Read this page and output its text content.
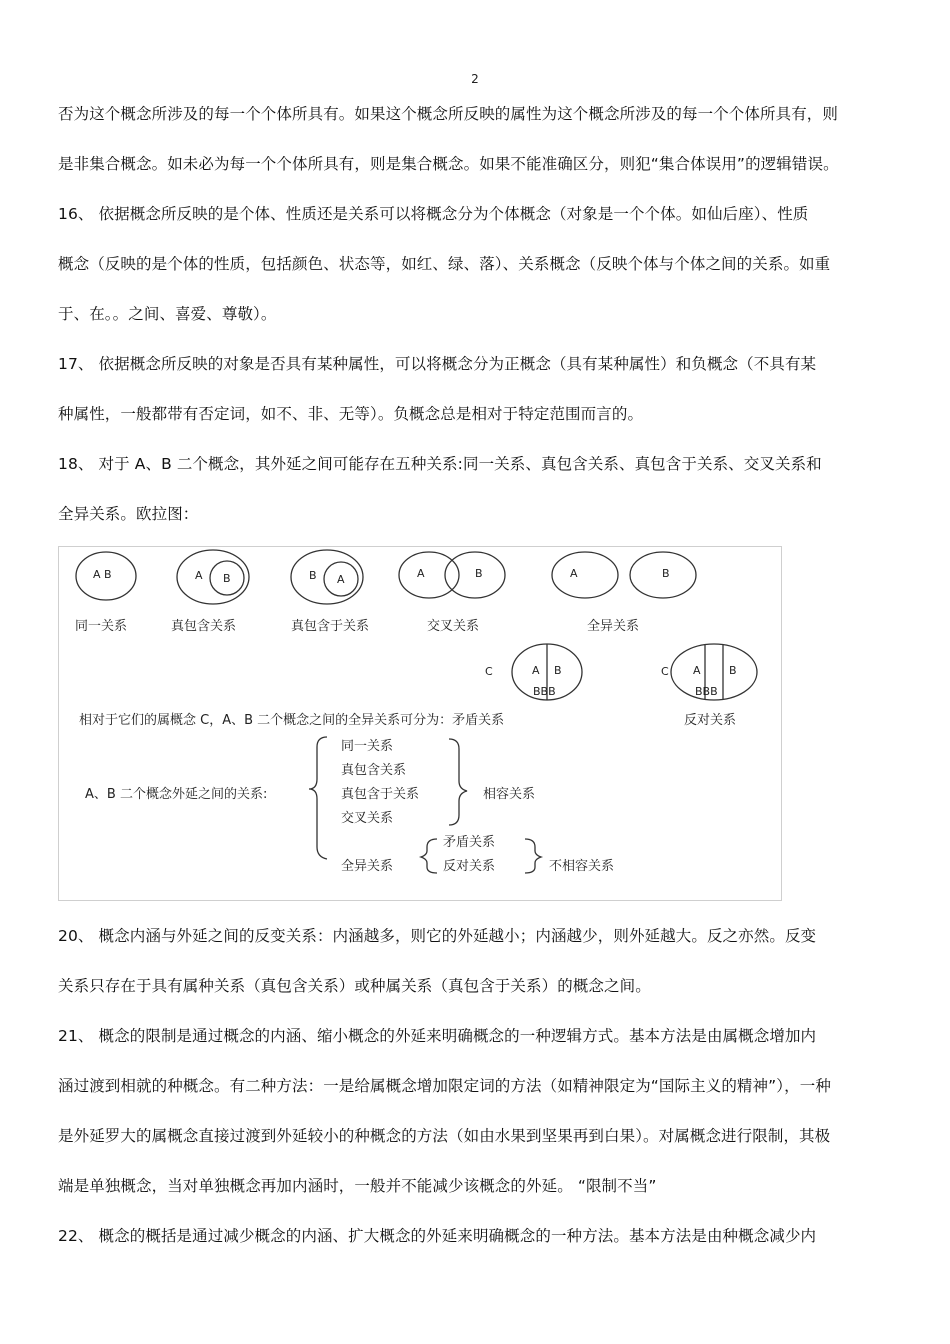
2
否为这个概念所涉及的每一个个体所具有。如果这个概念所反映的属性为这个概念所涉及的每一个个体所具有，则
是非集合概念。如未必为每一个个体所具有，则是集合概念。如果不能准确区分，则犯“集合体误用”的逻辑错误。
16、 依据概念所反映的是个体、性质还是关系可以将概念分为个体概念（对象是一个个体。如仙后座）、性质
概念（反映的是个体的性质，包括颜色、状态等，如红、绿、落）、关系概念（反映个体与个体之间的关系。如重
于、在。。之间、喜爱、尊敬）。
17、 依据概念所反映的对象是否具有某种属性，可以将概念分为正概念（具有某种属性）和负概念（不具有某
种属性，一般都带有否定词，如不、非、无等）。负概念总是相对于特定范围而言的。
18、 对于 A、B 二个概念，其外延之间可能存在五种关系:同一关系、真包含关系、真包含于关系、交叉关系和
全异关系。欧拉图：
A B	A B	B A	A	B	A	B
同一关系	真包含关系	真包含于关系	交叉关系	全异关系
C	A B
BBB
C A	B
BBB
相对于它们的属概念 C，A、B 二个概念之间的全异关系可分为：矛盾关系	反对关系
A、B 二个概念外延之间的关系:
同一关系
真包含关系
真包含于关系
交叉关系
相容关系
全异关系
矛盾关系
反对关系	不相容关系
20、 概念内涵与外延之间的反变关系：内涵越多，则它的外延越小；内涵越少，则外延越大。反之亦然。反变
关系只存在于具有属种关系（真包含关系）或种属关系（真包含于关系）的概念之间。
21、 概念的限制是通过概念的内涵、缩小概念的外延来明确概念的一种逻辑方式。基本方法是由属概念增加内
涵过渡到相就的种概念。有二种方法：一是给属概念增加限定词的方法（如精神限定为“国际主义的精神”），一种
是外延罗大的属概念直接过渡到外延较小的种概念的方法（如由水果到坚果再到白果）。对属概念进行限制，其极
端是单独概念，当对单独概念再加内涵时，一般并不能减少该概念的外延。 “限制不当”
22、 概念的概括是通过减少概念的内涵、扩大概念的外延来明确概念的一种方法。基本方法是由种概念减少内
